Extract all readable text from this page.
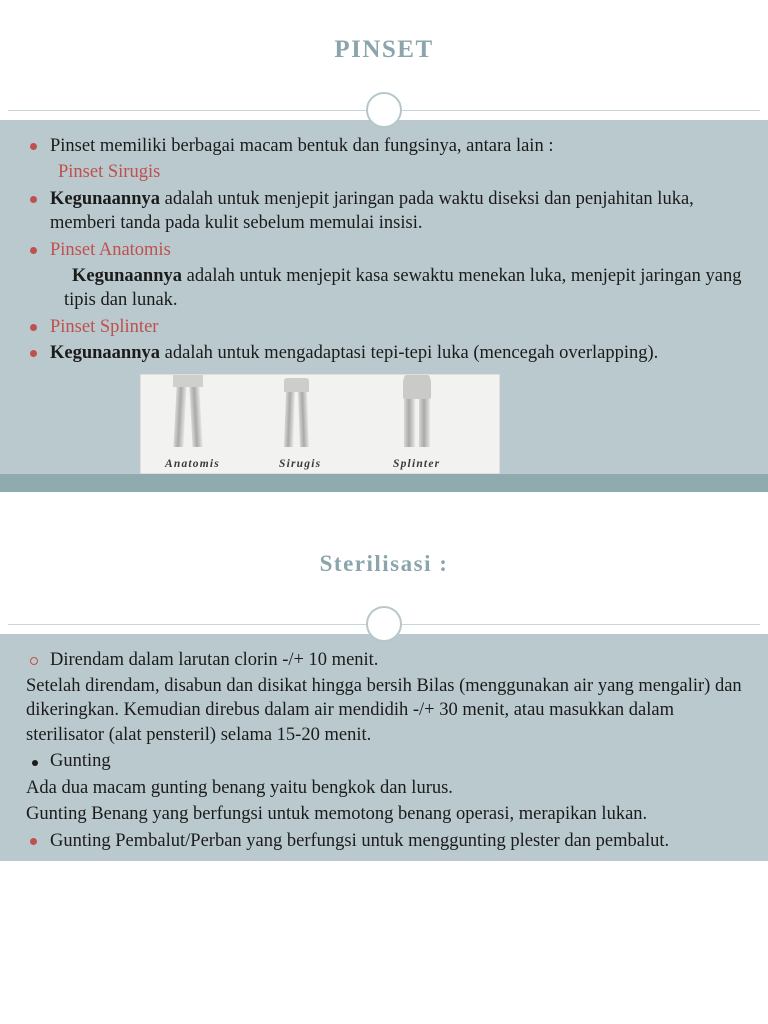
PINSET
Pinset memiliki berbagai macam bentuk dan fungsinya, antara lain :
Pinset Sirugis
Kegunaannya adalah untuk menjepit jaringan pada waktu diseksi dan penjahitan luka, memberi tanda pada kulit sebelum memulai insisi.
Pinset Anatomis
Kegunaannya adalah untuk menjepit kasa sewaktu menekan luka, menjepit jaringan yangtipis dan lunak.
Pinset Splinter
Kegunaannya adalah untuk mengadaptasi tepi-tepi luka (mencegah overlapping).
Anatomis	Sirugis	Splinter
Sterilisasi :
Direndam dalam larutan clorin -/+ 10 menit.
Setelah direndam, disabun dan disikat hingga bersih Bilas (menggunakan air yang mengalir) dan dikeringkan. Kemudian direbus dalam air mendidih -/+ 30 menit, atau masukkan dalam sterilisator (alat pensteril) selama 15-20 menit.
Gunting
Ada dua macam gunting benang yaitu bengkok dan lurus.
Gunting Benang yang berfungsi untuk memotong benang operasi, merapikan lukan.
Gunting Pembalut/Perban yang berfungsi untuk menggunting plester dan pembalut.
